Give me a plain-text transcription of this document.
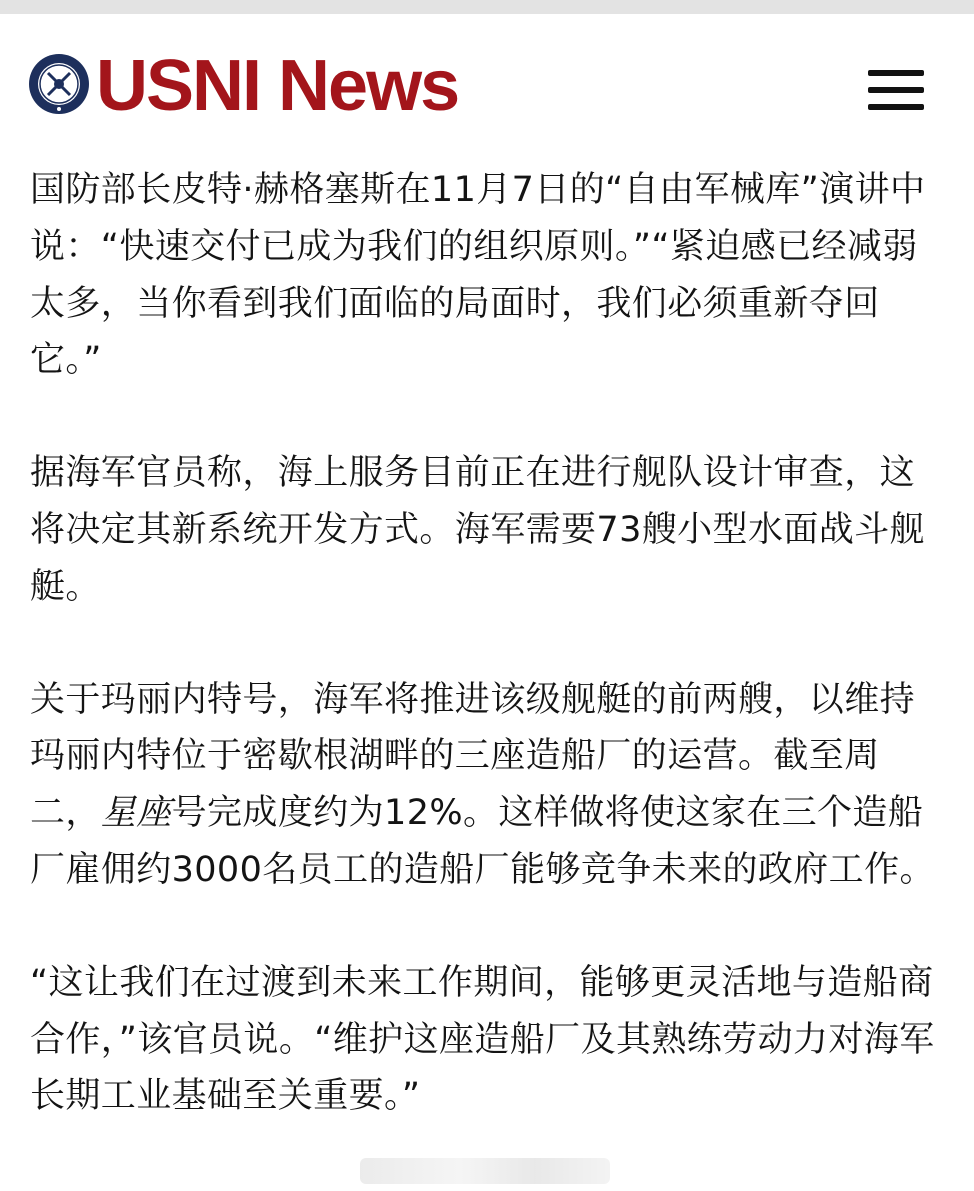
USNI News

国防部长皮特·赫格塞斯在11月7日的“自由军械库”演讲中说：“快速交付已成为我们的组织原则。”“紧迫感已经减弱太多，当你看到我们面临的局面时，我们必须重新夺回它。”

据海军官员称，海上服务目前正在进行舰队设计审查，这将决定其新系统开发方式。海军需要73艘小型水面战斗舰艇。

关于玛丽内特号，海军将推进该级舰艇的前两艘，以维持玛丽内特位于密歇根湖畔的三座造船厂的运营。截至周二，星座号完成度约为12%。这样做将使这家在三个造船厂雇佣约3000名员工的造船厂能够竞争未来的政府工作。

“这让我们在过渡到未来工作期间，能够更灵活地与造船商合作，”该官员说。“维护这座造船厂及其熟练劳动力对海军长期工业基础至关重要。”
